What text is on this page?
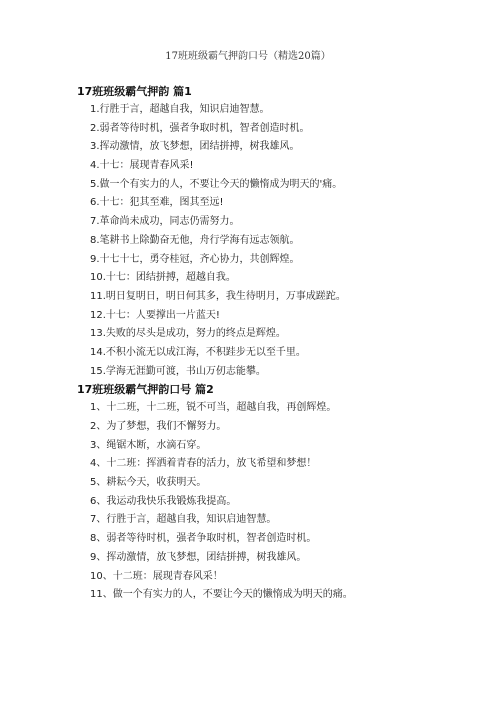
17班班级霸气押韵口号（精选20篇）
17班班级霸气押韵 篇1
1.行胜于言，超越自我，知识启迪智慧。
2.弱者等待时机，强者争取时机，智者创造时机。
3.挥动激情，放飞梦想，团结拼搏，树我雄风。
4.十七：展现青春风采!
5.做一个有实力的人，不要让今天的懒惰成为明天的'痛。
6.十七：犯其至难，图其至远!
7.革命尚未成功，同志仍需努力。
8.笔耕书上除勤奋无他，舟行学海有远志领航。
9.十七十七，勇夺桂冠，齐心协力，共创辉煌。
10.十七：团结拼搏，超越自我。
11.明日复明日，明日何其多，我生待明月，万事成蹉跎。
12.十七：人要撑出一片蓝天!
13.失败的尽头是成功，努力的终点是辉煌。
14.不积小流无以成江海，不积跬步无以至千里。
15.学海无涯勤可渡，书山万仞志能攀。
17班班级霸气押韵口号 篇2
1、十二班，十二班，锐不可当，超越自我，再创辉煌。
2、为了梦想，我们不懈努力。
3、绳锯木断，水滴石穿。
4、十二班：挥洒着青春的活力，放飞希望和梦想！
5、耕耘今天，收获明天。
6、我运动我快乐我锻炼我提高。
7、行胜于言，超越自我，知识启迪智慧。
8、弱者等待时机，强者争取时机，智者创造时机。
9、挥动激情，放飞梦想，团结拼搏，树我雄风。
10、十二班：展现青春风采！
11、做一个有实力的人，不要让今天的懒惰成为明天的痛。
